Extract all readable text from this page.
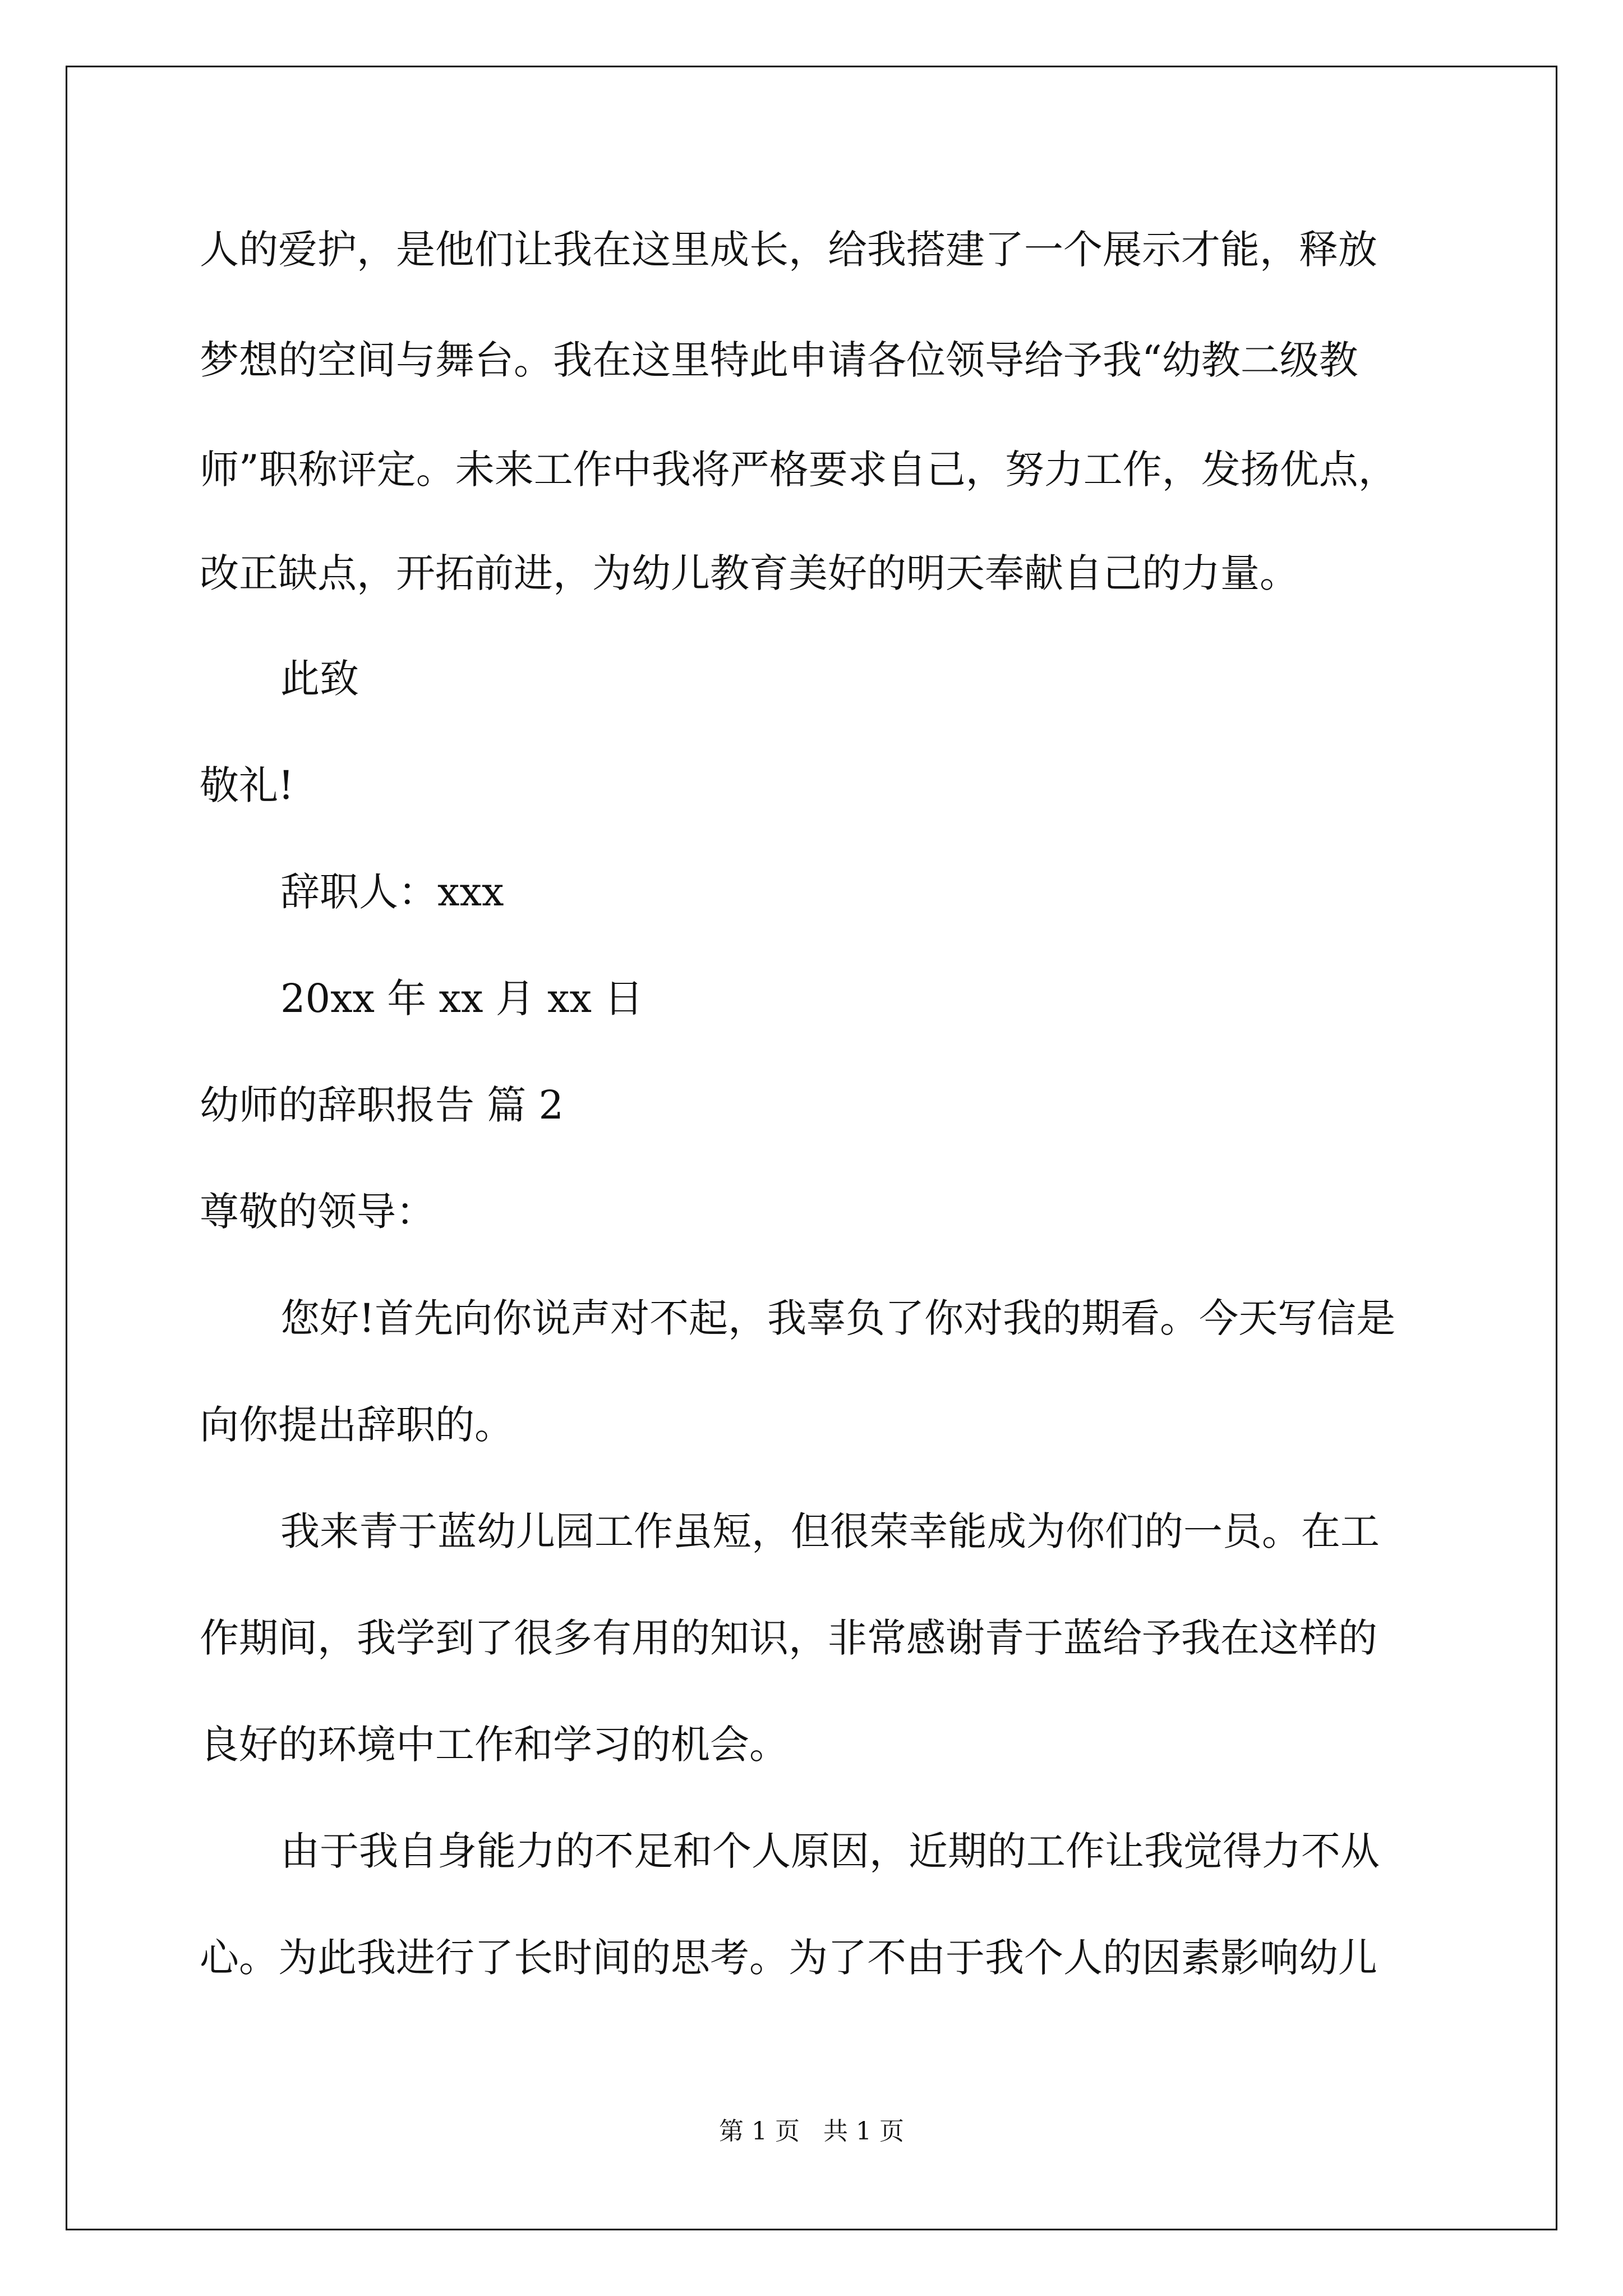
人的爱护，是他们让我在这里成长，给我搭建了一个展示才能，释放
梦想的空间与舞台。我在这里特此申请各位领导给予我“幼教二级教
师”职称评定。未来工作中我将严格要求自己，努力工作，发扬优点，
改正缺点，开拓前进，为幼儿教育美好的明天奉献自己的力量。
此致
敬礼!
辞职人：xxx
20xx 年 xx 月 xx 日
幼师的辞职报告 篇 2
尊敬的领导：
您好!首先向你说声对不起，我辜负了你对我的期看。今天写信是
向你提出辞职的。
我来青于蓝幼儿园工作虽短，但很荣幸能成为你们的一员。在工
作期间，我学到了很多有用的知识，非常感谢青于蓝给予我在这样的
良好的环境中工作和学习的机会。
由于我自身能力的不足和个人原因，近期的工作让我觉得力不从
心。为此我进行了长时间的思考。为了不由于我个人的因素影响幼儿
第 1 页   共 1 页
